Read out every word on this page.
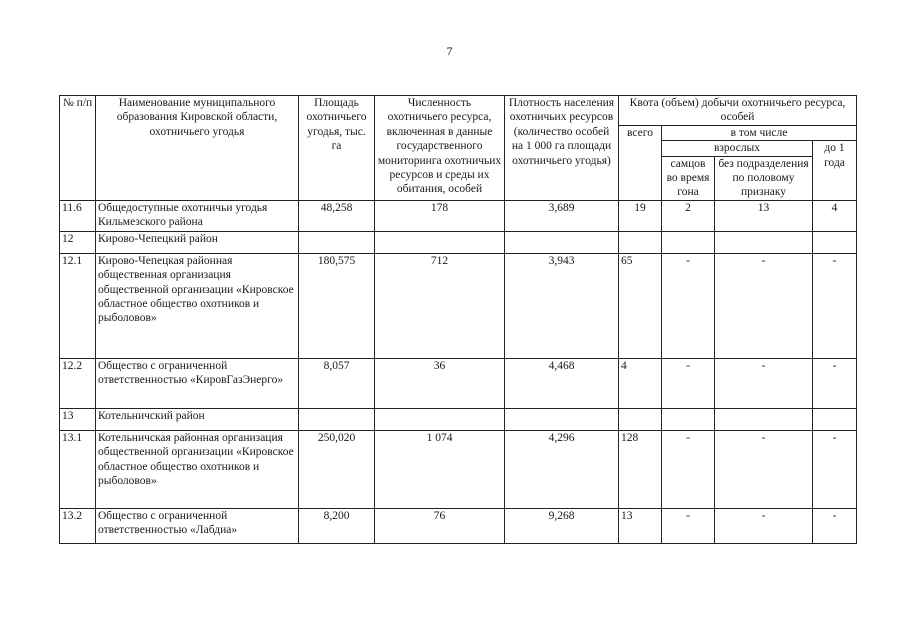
7
№ п/п	Наименование муниципального образования Кировской области, охотничьего угодья	Площадь охотничьего угодья, тыс. га	Численность охотничьего ресурса, включенная в данные государственного мониторинга охотничьих ресурсов и среды их обитания, особей	Плотность населения охотничьих ресурсов (количество особей на 1 000 га площади охотничьего угодья)	Квота (объем) добычи охотничьего ресурса, особей			
					всего	в том числе		
						взрослых		до 1 года
						самцов во время гона	без подразделения по половому признаку	
11.6	Общедоступные охотничьи угодья Кильмезского района	48,258	178	3,689	19	2	13	4
12	Кирово-Чепецкий район							
12.1	Кирово-Чепецкая районная общественная организация общественной организации «Кировское областное общество охотников и рыболовов»	180,575	712	3,943	65	-	-	-
12.2	Общество с ограниченной ответственностью «КировГазЭнерго»	8,057	36	4,468	4	-	-	-
13	Котельничский район							
13.1	Котельничская районная организация общественной организации «Кировское областное общество охотников и рыболовов»	250,020	1 074	4,296	128	-	-	-
13.2	Общество с ограниченной ответственностью «Лабдиа»	8,200	76	9,268	13	-	-	-
